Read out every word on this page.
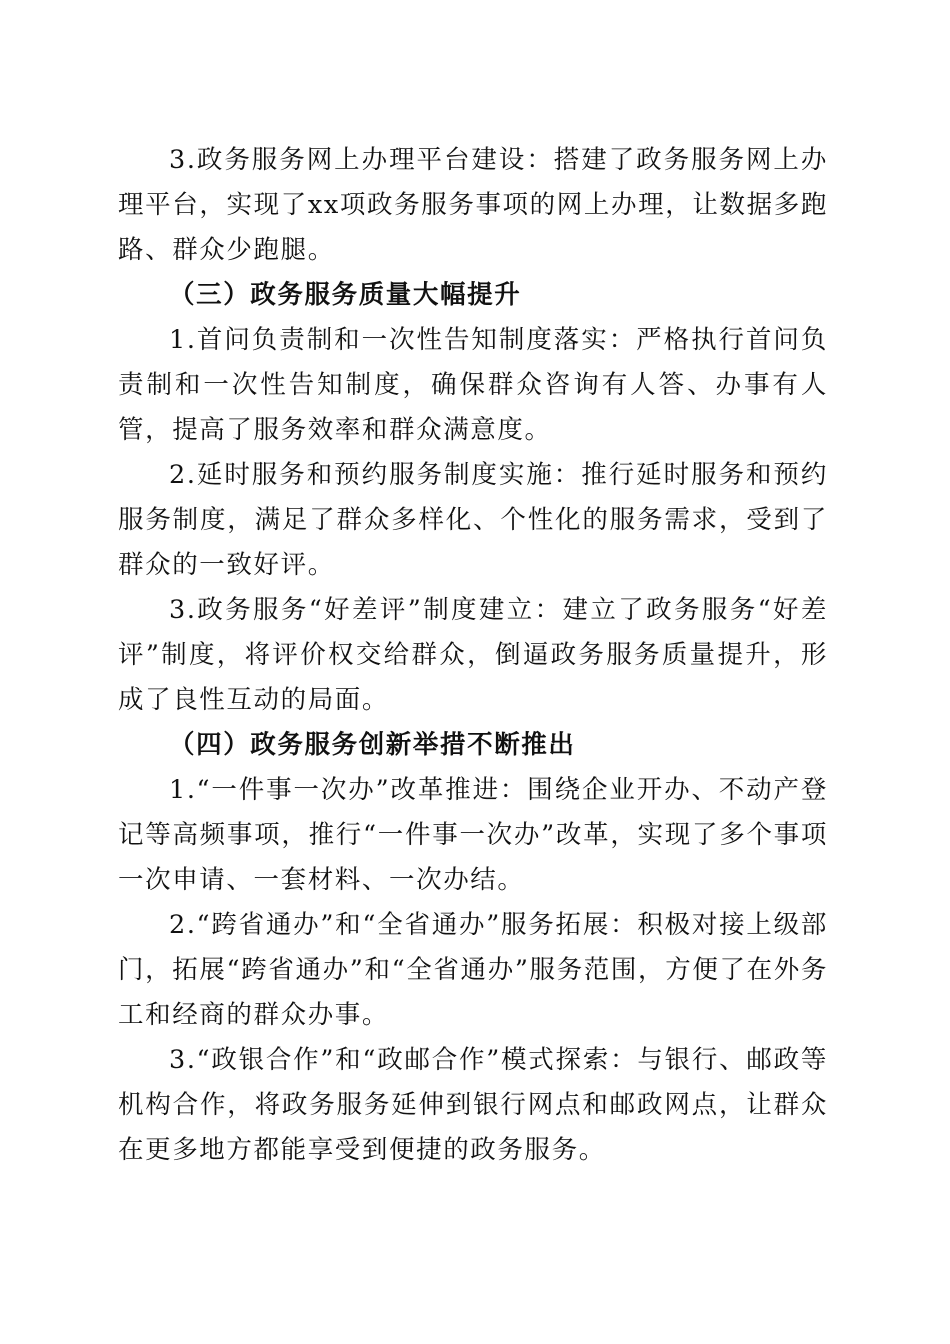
3.政务服务网上办理平台建设：搭建了政务服务网上办理平台，实现了xx项政务服务事项的网上办理，让数据多跑路、群众少跑腿。

（三）政务服务质量大幅提升

1.首问负责制和一次性告知制度落实：严格执行首问负责制和一次性告知制度，确保群众咨询有人答、办事有人管，提高了服务效率和群众满意度。

2.延时服务和预约服务制度实施：推行延时服务和预约服务制度，满足了群众多样化、个性化的服务需求，受到了群众的一致好评。

3.政务服务“好差评”制度建立：建立了政务服务“好差评”制度，将评价权交给群众，倒逼政务服务质量提升，形成了良性互动的局面。

（四）政务服务创新举措不断推出

1.“一件事一次办”改革推进：围绕企业开办、不动产登记等高频事项，推行“一件事一次办”改革，实现了多个事项一次申请、一套材料、一次办结。

2.“跨省通办”和“全省通办”服务拓展：积极对接上级部门，拓展“跨省通办”和“全省通办”服务范围，方便了在外务工和经商的群众办事。

3.“政银合作”和“政邮合作”模式探索：与银行、邮政等机构合作，将政务服务延伸到银行网点和邮政网点，让群众在更多地方都能享受到便捷的政务服务。
